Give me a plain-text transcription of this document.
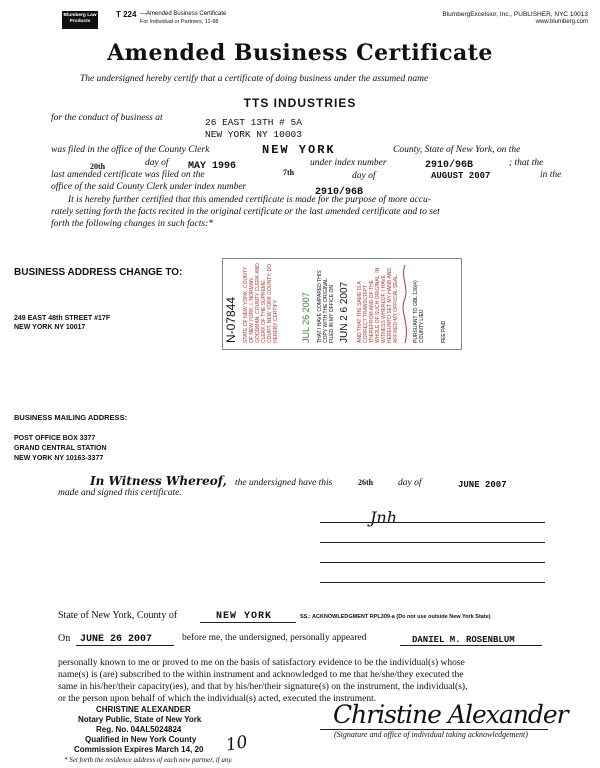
Blumberg Law Products
T 224 —Amended Business Certificate
For Individual or Partners, 11-98
BlumbergExcelsior, Inc., PUBLISHER, NYC 10013
www.blumberg.com
Amended Business Certificate
The undersigned hereby certify that a certificate of doing business under the assumed name
TTS INDUSTRIES
for the conduct of business at	26 EAST 13TH # 5A
NEW YORK NY 10003
was filed in the office of the County Clerk	NEW YORK	County, State of New York, on the
20th	day of MAY 1996	under index number	2910/96B	; that the
last amended certificate was filed on the	7th	day of	AUGUST 2007	in the
office of the said County Clerk under index number	2910/96B
It is hereby further certified that this amended certificate is made for the purpose of more accu-
rately setting forth the facts recited in the original certificate or the last amended certificate and to set
forth the following changes in such facts:*
BUSINESS ADDRESS CHANGE TO:
249 EAST 48th STREET #17F
NEW YORK NY 10017	N-07844 STATE OF NEW YORK, COUNTY OF NEW YORK, I, NORMAN GOODMAN, COUNTY CLERK AND CLERK OF THE SUPREME COURT, NEW YORK COUNTY, DO HEREBY CERTIFY	JUL 26 2007 THAT I HAVE COMPARED THIS COPY WITH THE ORIGINAL FILED IN MY OFFICE ON JUN 2 6 2007 AND THAT THE SAME IS A CORRECT TRANSCRIPT THEREFROM AND OF THE WHOLE OF SUCH ORIGINAL. IN WITNESS WHEREOF, I HAVE HEREUNTO SET MY HAND AND AFFIXED MY OFFICIAL SEAL.	PURSUANT TO GBL 130(4) COUNTY LIEU	FEE PAID
BUSINESS MAILING ADDRESS:
POST OFFICE BOX 3377
GRAND CENTRAL STATION
NEW YORK NY 10163-3377
In Witness Whereof, the undersigned have this	26th	day of	JUNE 2007
made and signed this certificate.
Jnh
State of New York, County of	NEW YORK	SS.: ACKNOWLEDGMENT RPL309-a (Do not use outside New York State)
On JUNE 26 2007	before me, the undersigned, personally appeared	DANIEL M. ROSENBLUM
personally known to me or proved to me on the basis of satisfactory evidence to be the individual(s) whose
name(s) is (are) subscribed to the within instrument and acknowledged to me that he/she/they executed the
same in his/her/their capacity(ies), and that by his/her/their signature(s) on the instrument, the individual(s),
or the person upon behalf of which the individual(s) acted, executed the instrument.
CHRISTINE ALEXANDER
Notary Public, State of New York
Reg. No. 04AL5024824
Qualified in New York County
Commission Expires March 14, 20 10
Christine Alexander
(Signature and office of individual taking acknowledgement)
* Set forth the residence address of each new partner, if any.
